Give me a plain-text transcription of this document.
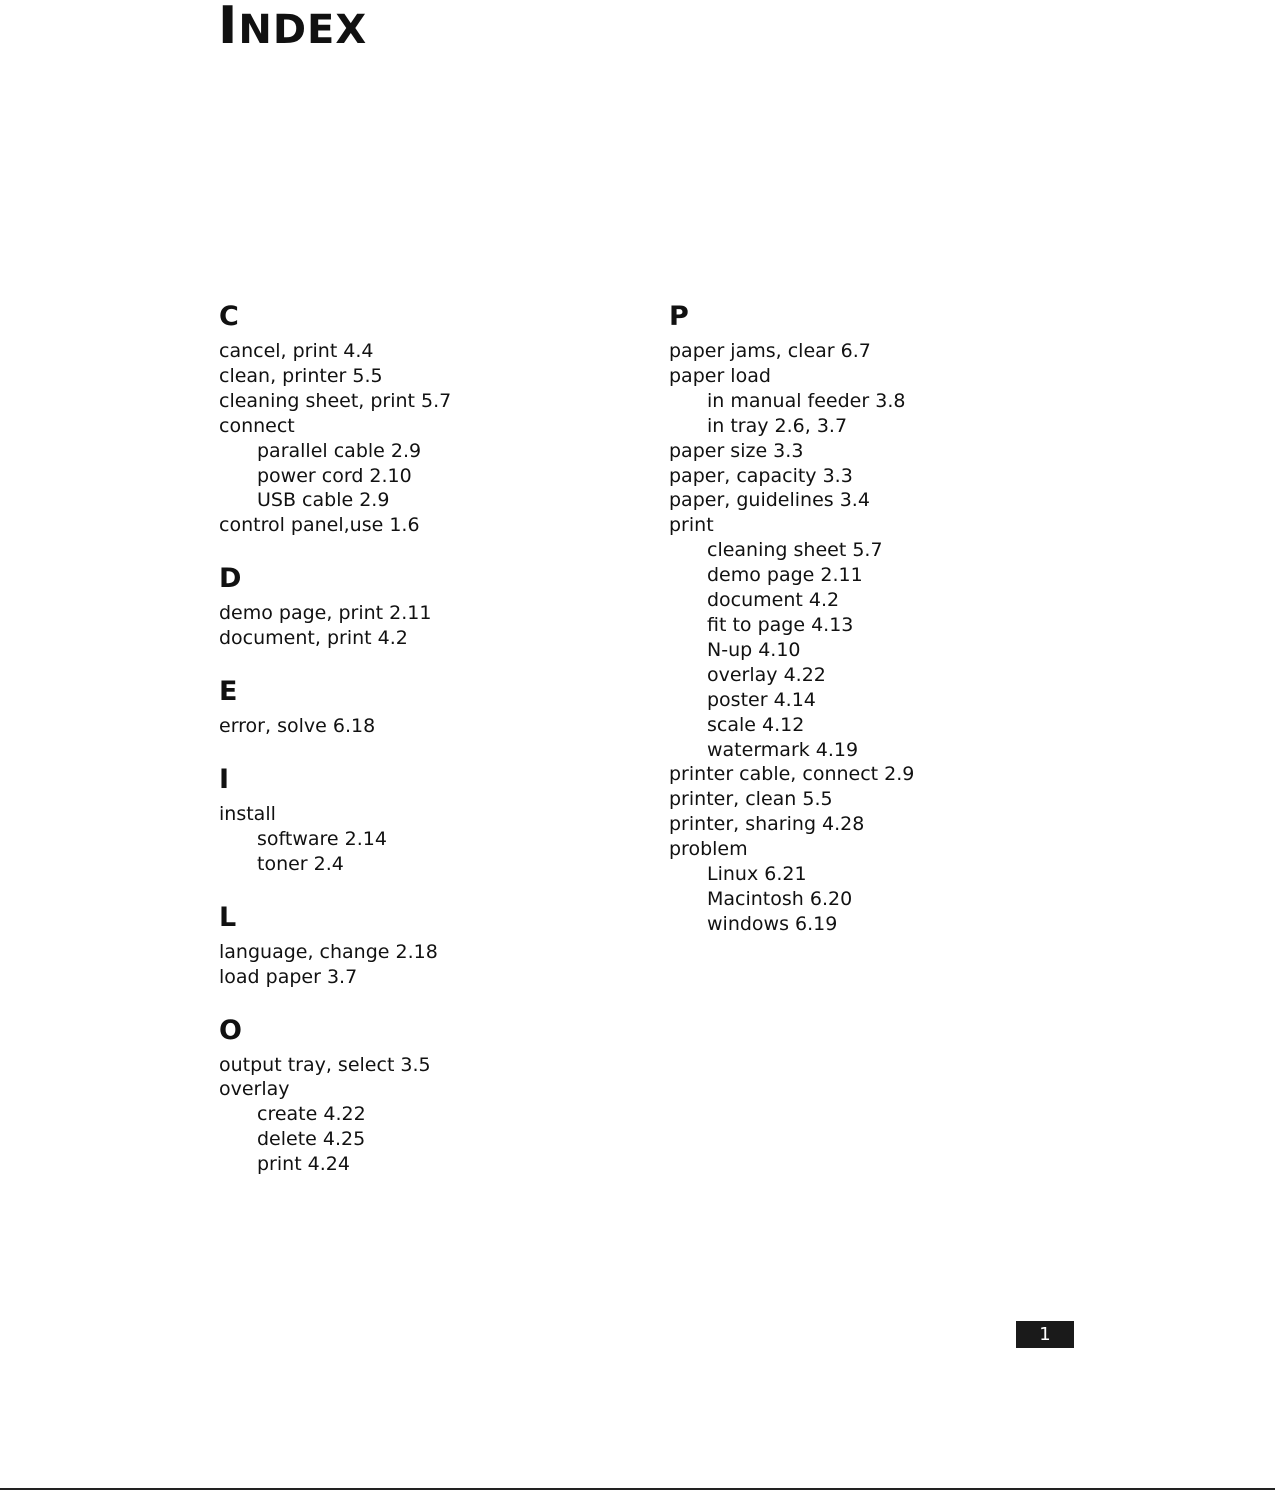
INDEX
C
cancel, print 4.4
clean, printer 5.5
cleaning sheet, print 5.7
connect
parallel cable 2.9
power cord 2.10
USB cable 2.9
control panel,use 1.6
D
demo page, print 2.11
document, print 4.2
E
error, solve 6.18
I
install
software 2.14
toner 2.4
L
language, change 2.18
load paper 3.7
O
output tray, select 3.5
overlay
create 4.22
delete 4.25
print 4.24
P
paper jams, clear 6.7
paper load
in manual feeder 3.8
in tray 2.6, 3.7
paper size 3.3
paper, capacity 3.3
paper, guidelines 3.4
print
cleaning sheet 5.7
demo page 2.11
document 4.2
fit to page 4.13
N-up 4.10
overlay 4.22
poster 4.14
scale 4.12
watermark 4.19
printer cable, connect 2.9
printer, clean 5.5
printer, sharing 4.28
problem
Linux 6.21
Macintosh 6.20
windows 6.19
1
